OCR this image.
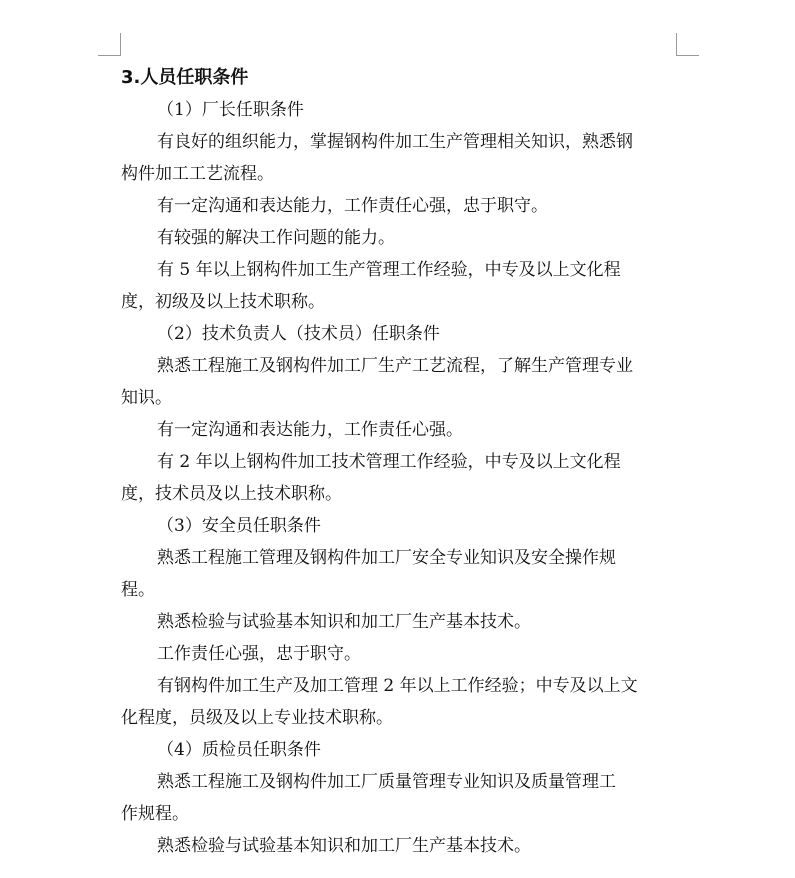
3.人员任职条件

（1）厂长任职条件

有良好的组织能力，掌握钢构件加工生产管理相关知识，熟悉钢

构件加工工艺流程。

有一定沟通和表达能力，工作责任心强，忠于职守。

有较强的解决工作问题的能力。

有 5 年以上钢构件加工生产管理工作经验，中专及以上文化程

度，初级及以上技术职称。

（2）技术负责人（技术员）任职条件

熟悉工程施工及钢构件加工厂生产工艺流程，了解生产管理专业

知识。

有一定沟通和表达能力，工作责任心强。

有 2 年以上钢构件加工技术管理工作经验，中专及以上文化程

度，技术员及以上技术职称。

（3）安全员任职条件

熟悉工程施工管理及钢构件加工厂安全专业知识及安全操作规

程。

熟悉检验与试验基本知识和加工厂生产基本技术。

工作责任心强，忠于职守。

有钢构件加工生产及加工管理 2 年以上工作经验；中专及以上文

化程度，员级及以上专业技术职称。

（4）质检员任职条件

熟悉工程施工及钢构件加工厂质量管理专业知识及质量管理工

作规程。

熟悉检验与试验基本知识和加工厂生产基本技术。
